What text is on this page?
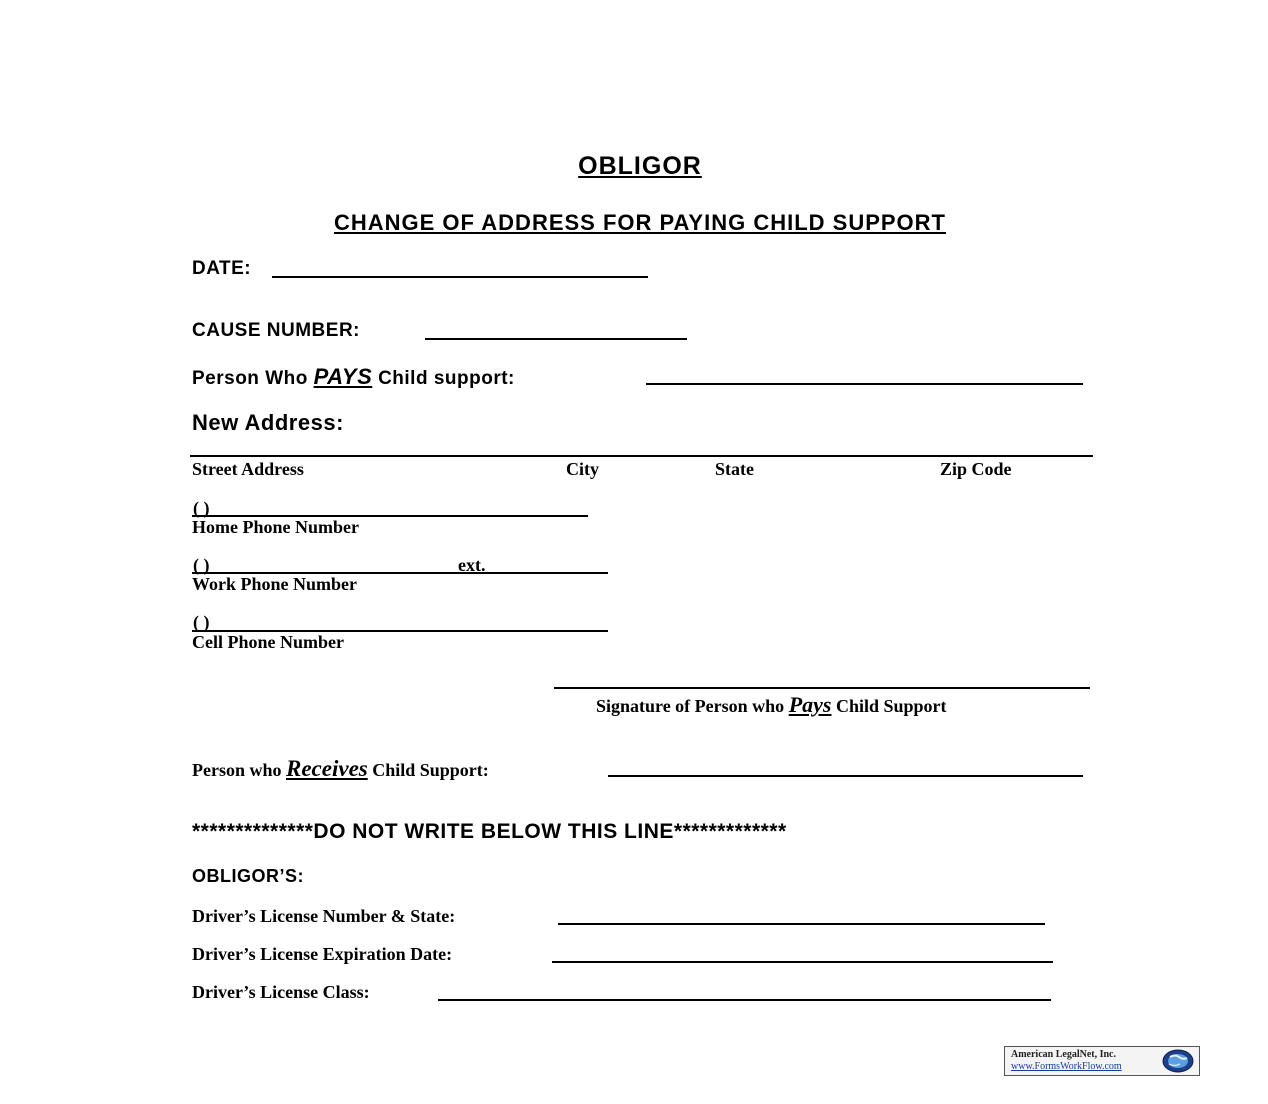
OBLIGOR
CHANGE OF ADDRESS FOR PAYING CHILD SUPPORT
DATE:
CAUSE NUMBER:
Person Who PAYS Child support:
New Address:
Street Address	City	State	Zip Code
( )
Home Phone Number
( )	ext.
Work Phone Number
( )
Cell Phone Number
Signature of Person who Pays Child Support
Person who Receives Child Support:
**************DO NOT WRITE BELOW THIS LINE*************
OBLIGOR’S:
Driver’s License Number & State:
Driver’s License Expiration Date:
Driver’s License Class:
American LegalNet, Inc.
www.FormsWorkFlow.com
